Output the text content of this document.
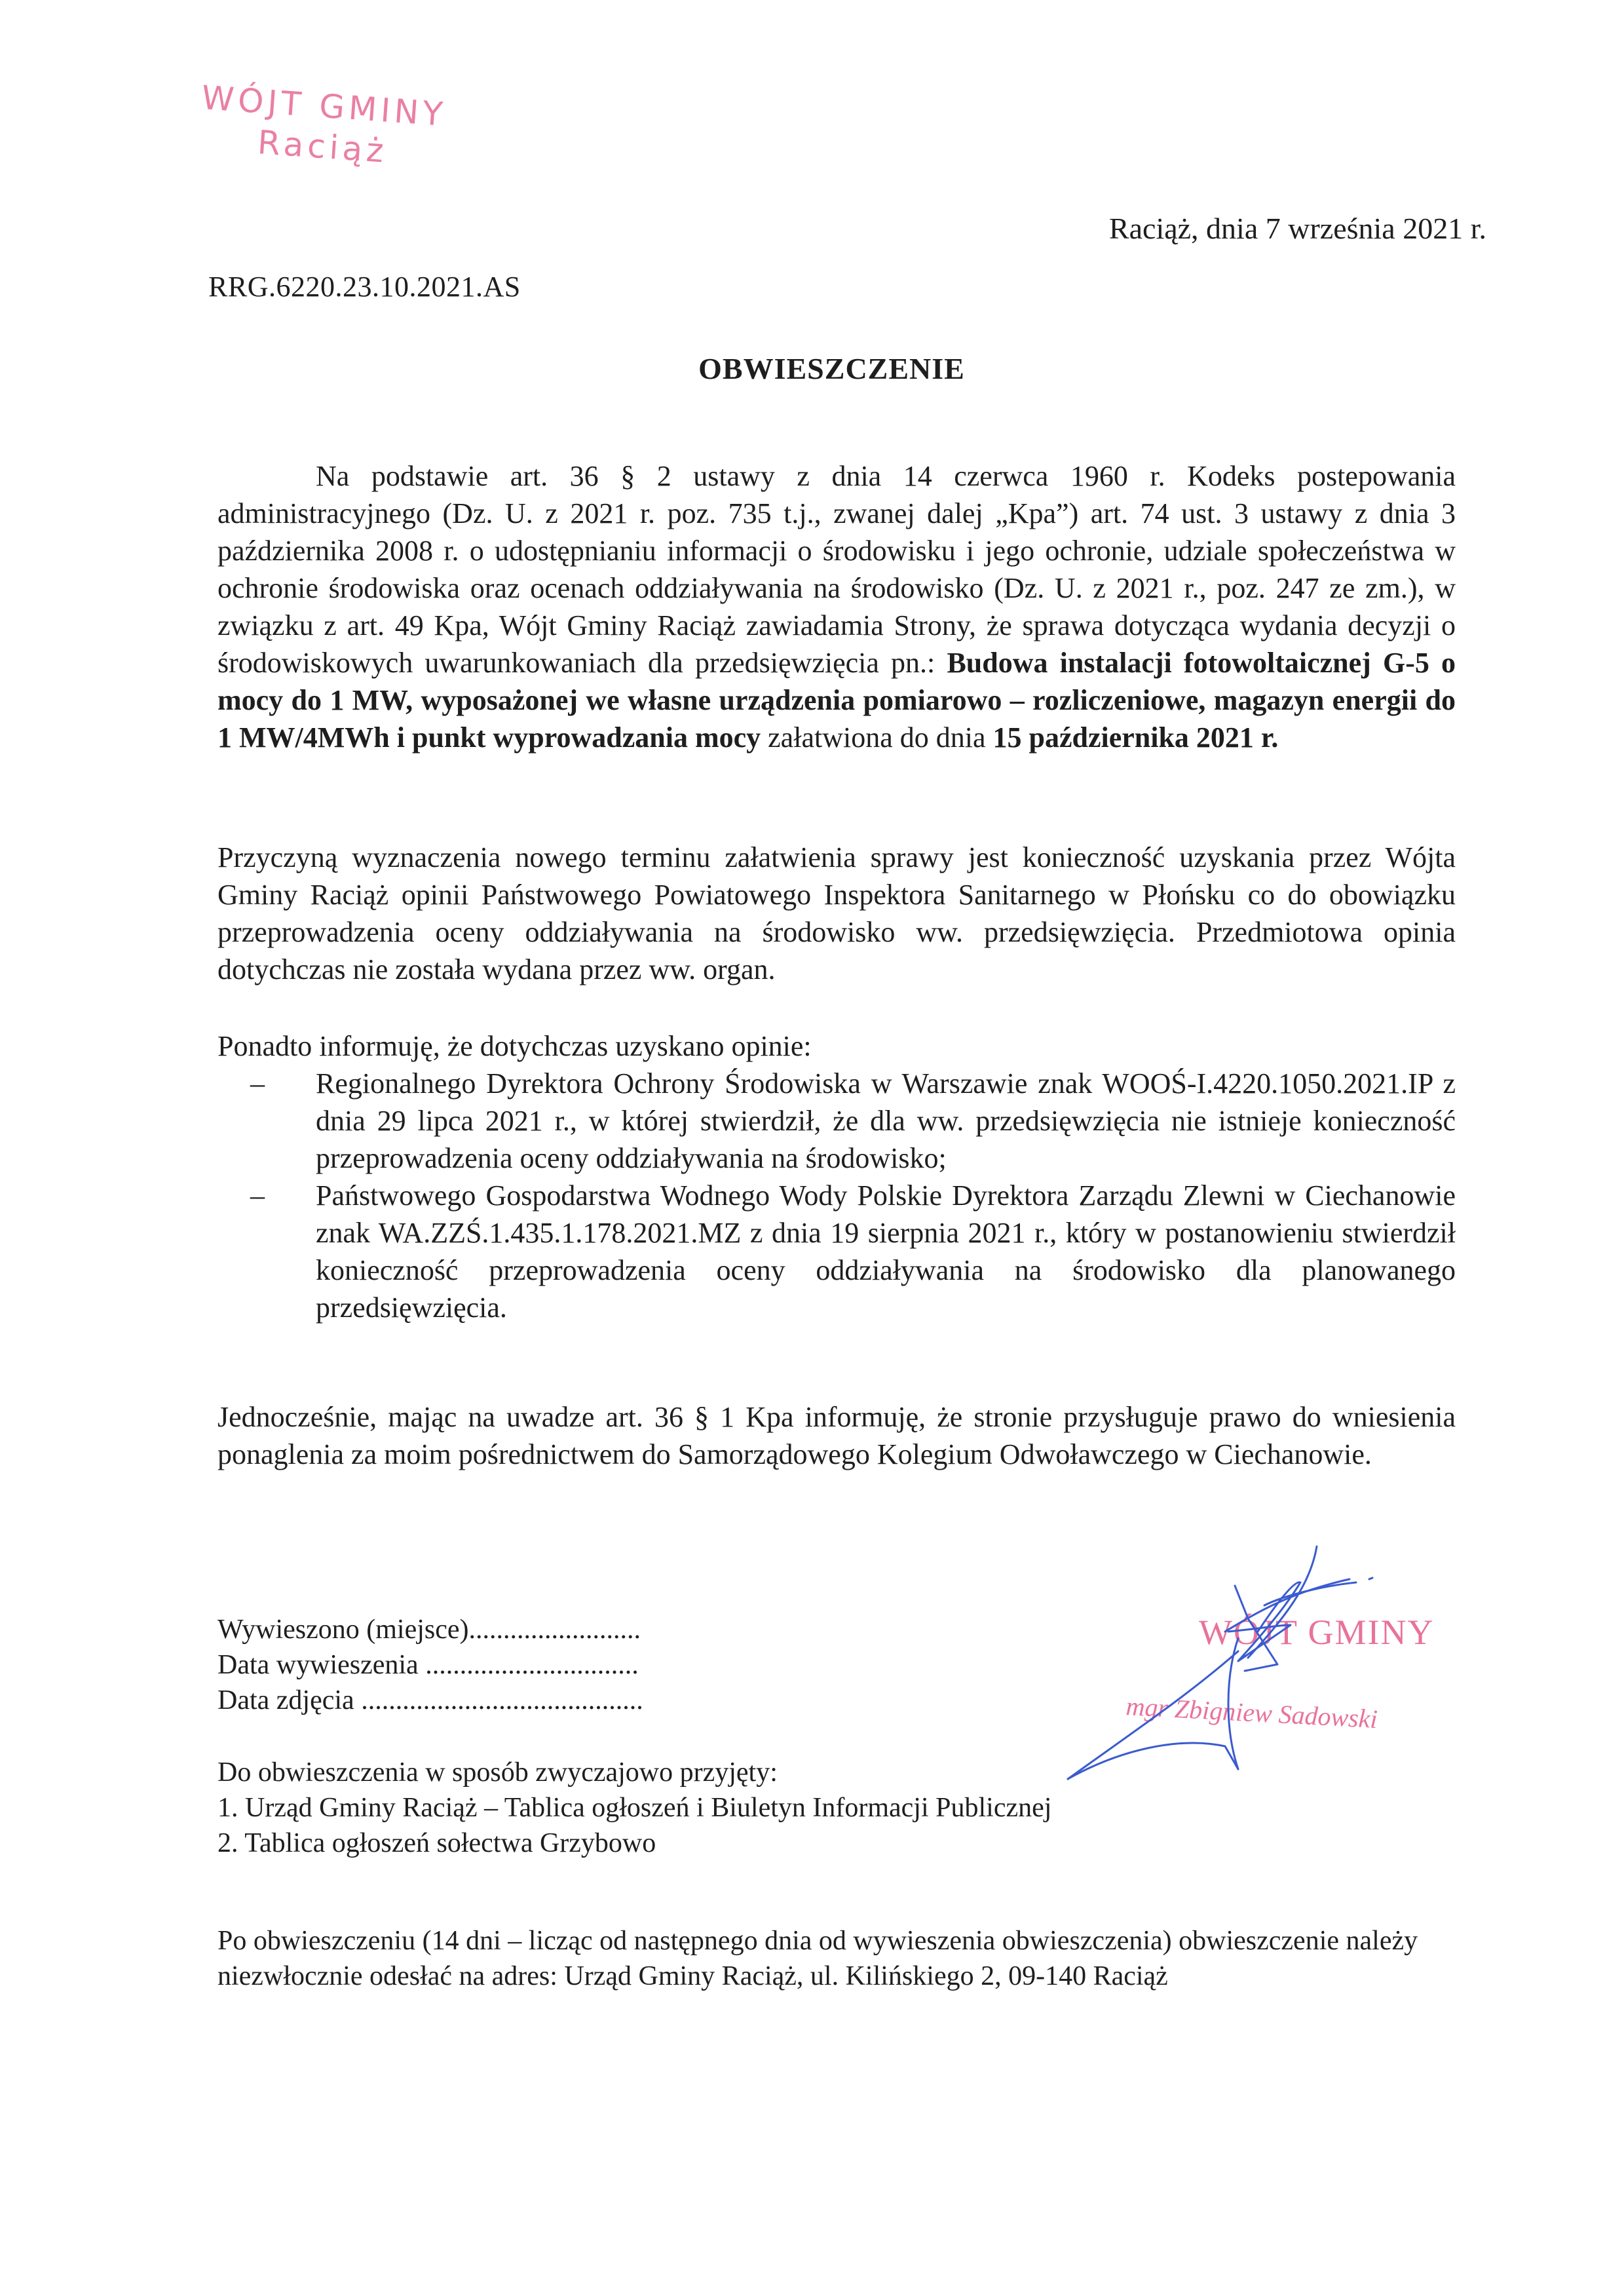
WÓJT GMINY
Raciąż
Raciąż, dnia 7 września 2021 r.
RRG.6220.23.10.2021.AS
OBWIESZCZENIE
Na podstawie art. 36 § 2 ustawy z dnia 14 czerwca 1960 r. Kodeks postepowania administracyjnego (Dz. U. z 2021 r. poz. 735 t.j., zwanej dalej „Kpa”) art. 74 ust. 3 ustawy z dnia 3 października 2008 r. o udostępnianiu informacji o środowisku i jego ochronie, udziale społeczeństwa w ochronie środowiska oraz ocenach oddziaływania na środowisko (Dz. U. z 2021 r., poz. 247 ze zm.), w związku z art. 49 Kpa, Wójt Gminy Raciąż zawiadamia Strony, że sprawa dotycząca wydania decyzji o środowiskowych uwarunkowaniach dla przedsięwzięcia pn.: Budowa instalacji fotowoltaicznej G-5 o mocy do 1 MW, wyposażonej we własne urządzenia pomiarowo – rozliczeniowe, magazyn energii do 1 MW/4MWh i punkt wyprowadzania mocy załatwiona do dnia 15 października 2021 r.
Przyczyną wyznaczenia nowego terminu załatwienia sprawy jest konieczność uzyskania przez Wójta Gminy Raciąż opinii Państwowego Powiatowego Inspektora Sanitarnego w Płońsku co do obowiązku przeprowadzenia oceny oddziaływania na środowisko ww. przedsięwzięcia. Przedmiotowa opinia dotychczas nie została wydana przez ww. organ.
Ponadto informuję, że dotychczas uzyskano opinie:
– Regionalnego Dyrektora Ochrony Środowiska w Warszawie znak WOOŚ-I.4220.1050.2021.IP z dnia 29 lipca 2021 r., w której stwierdził, że dla ww. przedsięwzięcia nie istnieje konieczność przeprowadzenia oceny oddziaływania na środowisko;
– Państwowego Gospodarstwa Wodnego Wody Polskie Dyrektora Zarządu Zlewni w Ciechanowie znak WA.ZZŚ.1.435.1.178.2021.MZ z dnia 19 sierpnia 2021 r., który w postanowieniu stwierdził konieczność przeprowadzenia oceny oddziaływania na środowisko dla planowanego przedsięwzięcia.
Jednocześnie, mając na uwadze art. 36 § 1 Kpa informuję, że stronie przysługuje prawo do wniesienia ponaglenia za moim pośrednictwem do Samorządowego Kolegium Odwoławczego w Ciechanowie.
Wywieszono (miejsce).........................
Data wywieszenia ...............................
Data zdjęcia .........................................
WÓJT GMINY
mgr Zbigniew Sadowski
Do obwieszczenia w sposób zwyczajowo przyjęty:
1. Urząd Gminy Raciąż – Tablica ogłoszeń i Biuletyn Informacji Publicznej
2. Tablica ogłoszeń sołectwa Grzybowo
Po obwieszczeniu (14 dni – licząc od następnego dnia od wywieszenia obwieszczenia) obwieszczenie należy niezwłocznie odesłać na adres: Urząd Gminy Raciąż, ul. Kilińskiego 2, 09-140 Raciąż
